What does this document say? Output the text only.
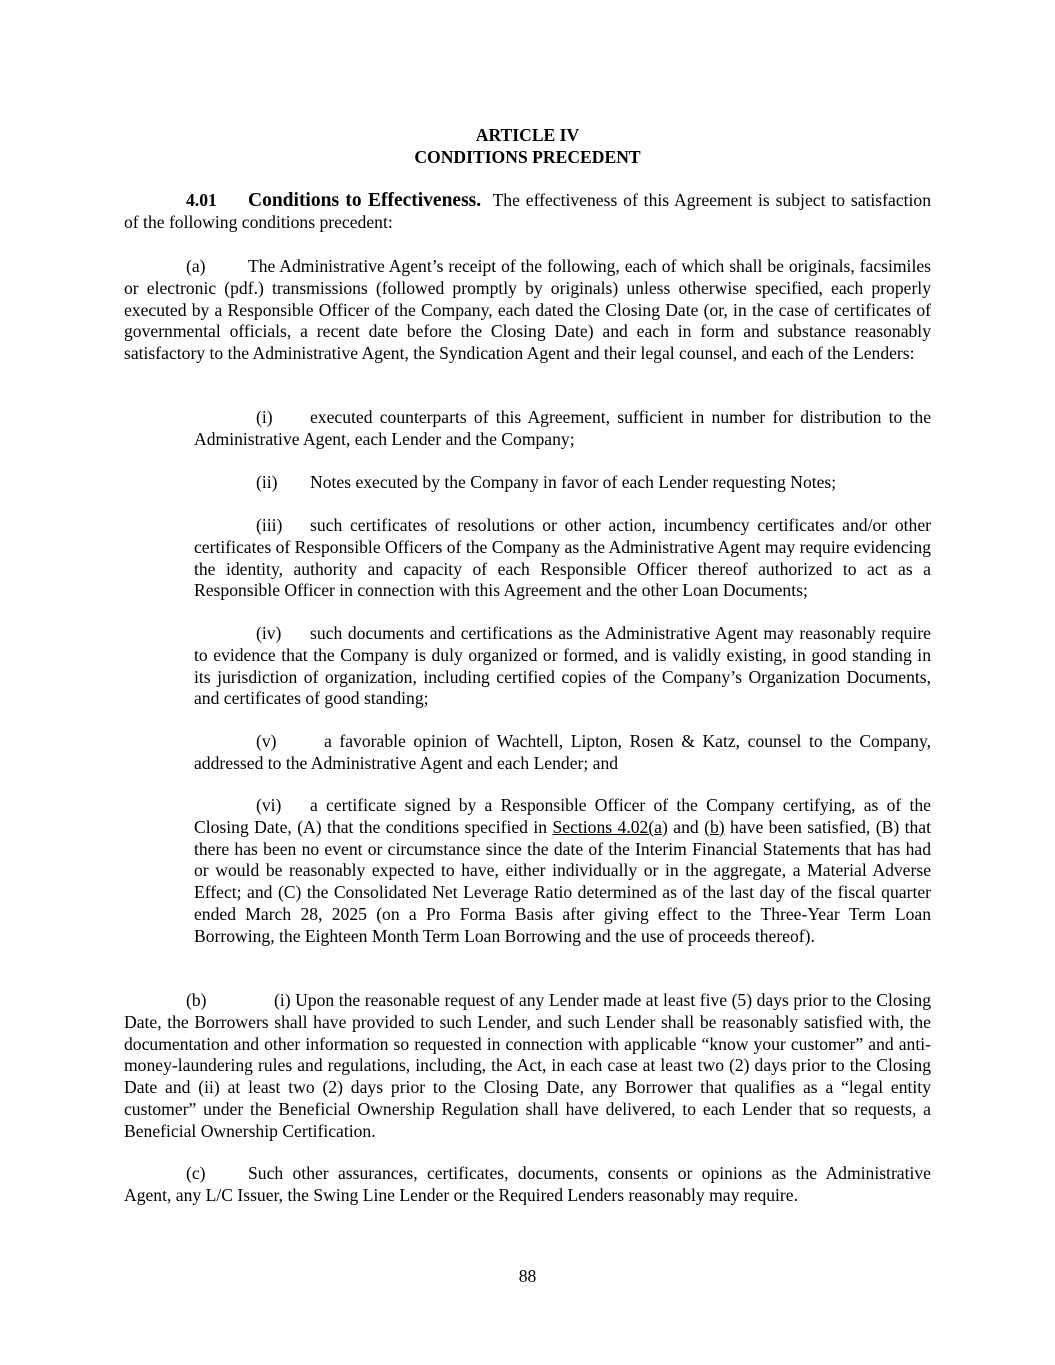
ARTICLE IV
CONDITIONS PRECEDENT
4.01 Conditions to Effectiveness. The effectiveness of this Agreement is subject to satisfaction of the following conditions precedent:
(a) The Administrative Agent’s receipt of the following, each of which shall be originals, facsimiles or electronic (pdf.) transmissions (followed promptly by originals) unless otherwise specified, each properly executed by a Responsible Officer of the Company, each dated the Closing Date (or, in the case of certificates of governmental officials, a recent date before the Closing Date) and each in form and substance reasonably satisfactory to the Administrative Agent, the Syndication Agent and their legal counsel, and each of the Lenders:
(i) executed counterparts of this Agreement, sufficient in number for distribution to the Administrative Agent, each Lender and the Company;
(ii) Notes executed by the Company in favor of each Lender requesting Notes;
(iii) such certificates of resolutions or other action, incumbency certificates and/or other certificates of Responsible Officers of the Company as the Administrative Agent may require evidencing the identity, authority and capacity of each Responsible Officer thereof authorized to act as a Responsible Officer in connection with this Agreement and the other Loan Documents;
(iv) such documents and certifications as the Administrative Agent may reasonably require to evidence that the Company is duly organized or formed, and is validly existing, in good standing in its jurisdiction of organization, including certified copies of the Company’s Organization Documents, and certificates of good standing;
(v)	a favorable opinion of Wachtell, Lipton, Rosen & Katz, counsel to the Company, addressed to the Administrative Agent and each Lender; and
(vi) a certificate signed by a Responsible Officer of the Company certifying, as of the Closing Date, (A) that the conditions specified in Sections 4.02(a) and (b) have been satisfied, (B) that there has been no event or circumstance since the date of the Interim Financial Statements that has had or would be reasonably expected to have, either individually or in the aggregate, a Material Adverse Effect; and (C) the Consolidated Net Leverage Ratio determined as of the last day of the fiscal quarter ended March 28, 2025 (on a Pro Forma Basis after giving effect to the Three-Year Term Loan Borrowing, the Eighteen Month Term Loan Borrowing and the use of proceeds thereof).
(b)	(i) Upon the reasonable request of any Lender made at least five (5) days prior to the Closing Date, the Borrowers shall have provided to such Lender, and such Lender shall be reasonably satisfied with, the documentation and other information so requested in connection with applicable “know your customer” and anti-money-laundering rules and regulations, including, the Act, in each case at least two (2) days prior to the Closing Date and (ii) at least two (2) days prior to the Closing Date, any Borrower that qualifies as a “legal entity customer” under the Beneficial Ownership Regulation shall have delivered, to each Lender that so requests, a Beneficial Ownership Certification.
(c) Such other assurances, certificates, documents, consents or opinions as the Administrative Agent, any L/C Issuer, the Swing Line Lender or the Required Lenders reasonably may require.
88
